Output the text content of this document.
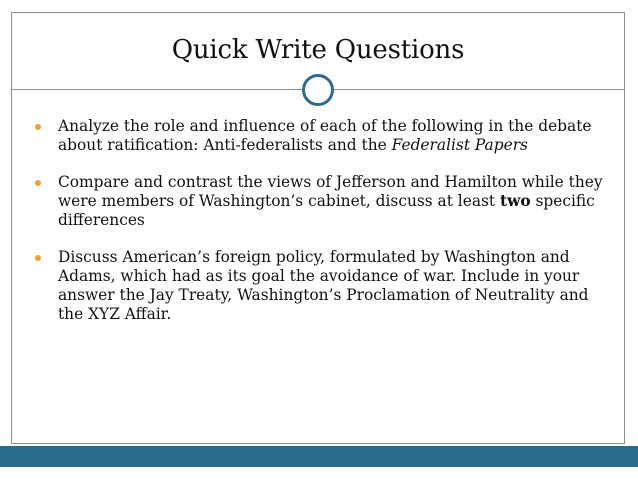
Quick Write Questions
Analyze the role and influence of each of the following in the debate about ratification: Anti-federalists and the Federalist Papers
Compare and contrast the views of Jefferson and Hamilton while they were members of Washington’s cabinet, discuss at least two specific differences
Discuss American’s foreign policy, formulated by Washington and Adams, which had as its goal the avoidance of war. Include in your answer the Jay Treaty, Washington’s Proclamation of Neutrality and the XYZ Affair.
